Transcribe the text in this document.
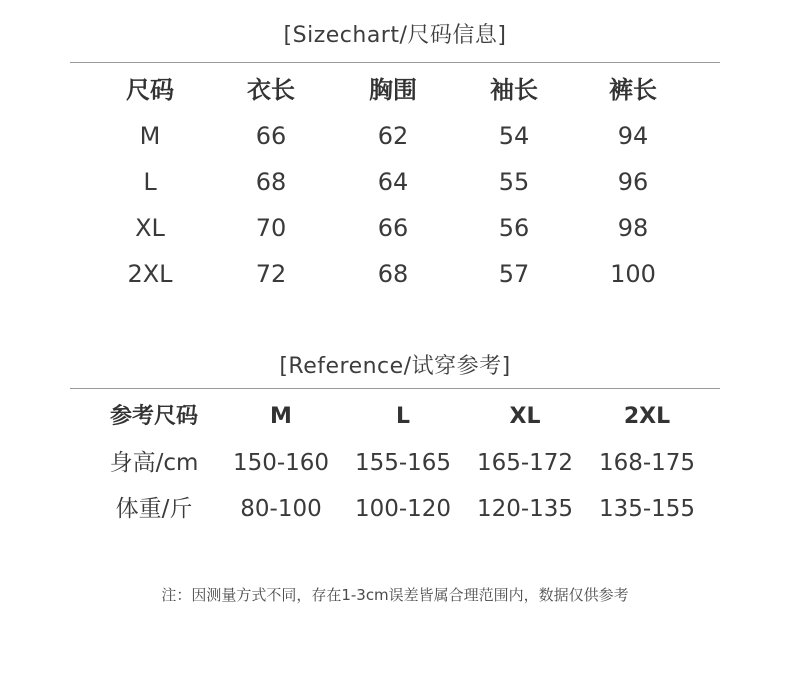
[Sizechart/尺码信息]
尺码	衣长	胸围	袖长	裤长
M	66	62	54	94
L	68	64	55	96
XL	70	66	56	98
2XL	72	68	57	100
[Reference/试穿参考]
参考尺码	M	L	XL	2XL
身高/cm	150-160	155-165	165-172	168-175
体重/斤	80-100	100-120	120-135	135-155
注：因测量方式不同，存在1-3cm误差皆属合理范围内，数据仅供参考
